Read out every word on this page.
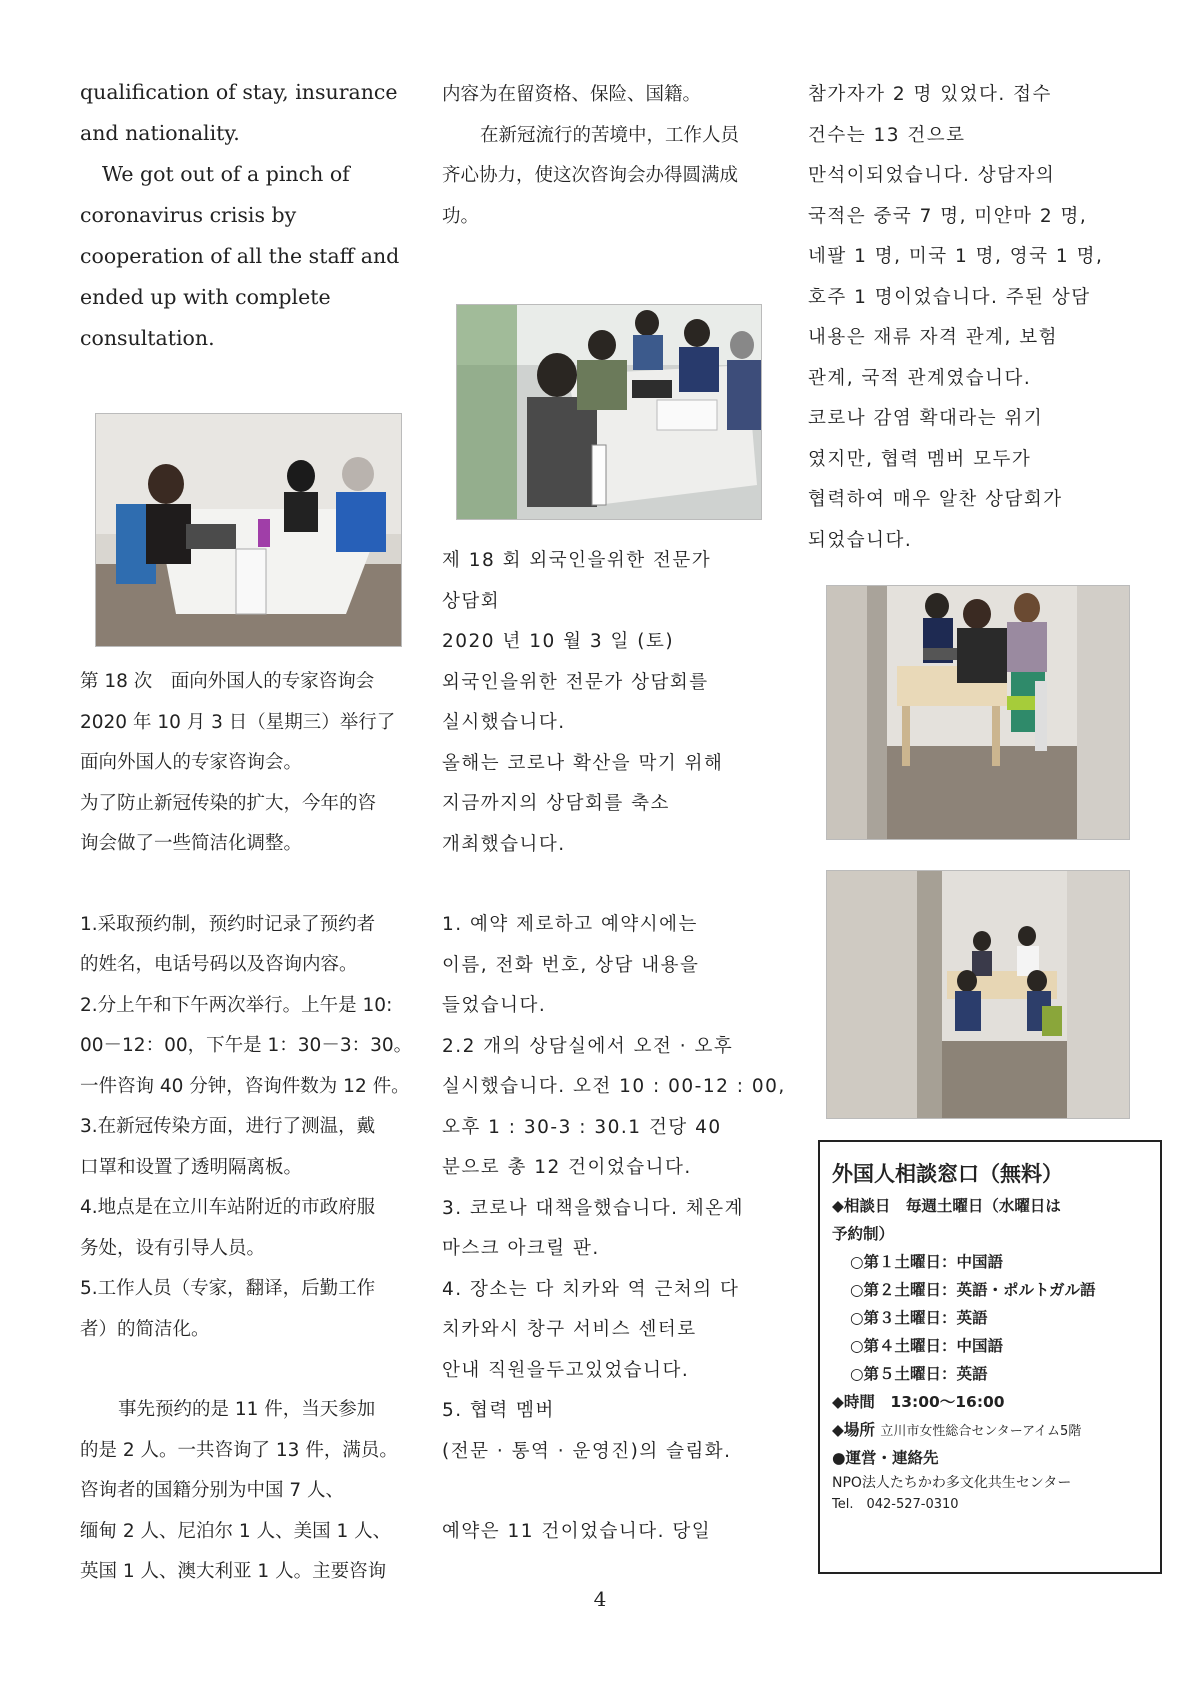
qualification of stay, insurance
and nationality.
We got out of a pinch of
coronavirus crisis by
cooperation of all the staff and
ended up with complete
consultation.
第 18 次　面向外国人的专家咨询会
2020 年 10 月 3 日（星期三）举行了
面向外国人的专家咨询会。
为了防止新冠传染的扩大，今年的咨
询会做了一些简洁化调整。
1.采取预约制，预约时记录了预约者
的姓名，电话号码以及咨询内容。
2.分上午和下午两次举行。上午是 10:
00－12：00，下午是 1：30－3：30。
一件咨询 40 分钟，咨询件数为 12 件。
3.在新冠传染方面，进行了测温，戴
口罩和设置了透明隔离板。
4.地点是在立川车站附近的市政府服
务处，设有引导人员。
5.工作人员（专家，翻译，后勤工作
者）的简洁化。
事先预约的是 11 件，当天参加
的是 2 人。一共咨询了 13 件，满员。
咨询者的国籍分别为中国 7 人、
缅甸 2 人、尼泊尔 1 人、美国 1 人、
英国 1 人、澳大利亚 1 人。主要咨询
内容为在留资格、保险、国籍。
在新冠流行的苦境中，工作人员
齐心协力，使这次咨询会办得圆满成
功。
제 18 회 외국인을위한 전문가
상담회
2020 년 10 월 3 일 (토)
외국인을위한 전문가 상담회를
실시했습니다.
올해는 코로나 확산을 막기 위해
지금까지의 상담회를 축소
개최했습니다.
1. 예약 제로하고 예약시에는
이름, 전화 번호, 상담 내용을
들었습니다.
2.2 개의 상담실에서 오전 · 오후
실시했습니다. 오전 10 : 00-12 : 00,
오후 1 : 30-3 : 30.1 건당 40
분으로 총 12 건이었습니다.
3. 코로나 대책을했습니다. 체온계
마스크 아크릴 판.
4. 장소는 다 치카와 역 근처의 다
치카와시 창구 서비스 센터로
안내 직원을두고있었습니다.
5. 협력 멤버
(전문 · 통역 · 운영진)의 슬림화.
예약은 11 건이었습니다. 당일
참가자가 2 명 있었다. 접수
건수는 13 건으로
만석이되었습니다. 상담자의
국적은 중국 7 명, 미얀마 2 명,
네팔 1 명, 미국 1 명, 영국 1 명,
호주 1 명이었습니다. 주된 상담
내용은 재류 자격 관계, 보험
관계, 국적 관계였습니다.
코로나 감염 확대라는 위기
였지만, 협력 멤버 모두가
협력하여 매우 알찬 상담회가
되었습니다.
外国人相談窓口（無料）
◆相談日　毎週土曜日（水曜日は
予約制）
○第１土曜日：中国語
○第２土曜日：英語・ポルトガル語
○第３土曜日：英語
○第４土曜日：中国語
○第５土曜日：英語
◆時間　13:00～16:00
◆場所 立川市女性総合センターアイム5階
●運営・連絡先
NPO法人たちかわ多文化共生センター
Tel.　042-527-0310
4
